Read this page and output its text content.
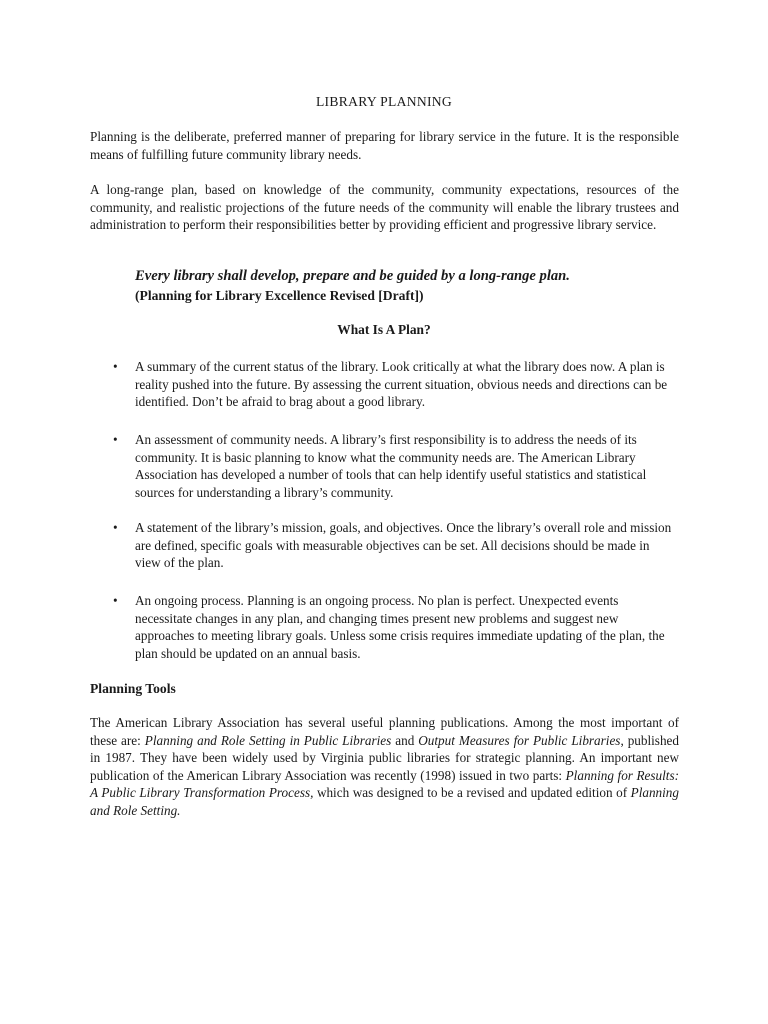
LIBRARY PLANNING

Planning is the deliberate, preferred manner of preparing for library service in the future. It is the responsible means of fulfilling future community library needs.

A long-range plan, based on knowledge of the community, community expectations, resources of the community, and realistic projections of the future needs of the community will enable the library trustees and administration to perform their responsibilities better by providing efficient and progressive library service.

Every library shall develop, prepare and be guided by a long-range plan.

(Planning for Library Excellence Revised [Draft])

What Is A Plan?
• A summary of the current status of the library. Look critically at what the library does now. A plan is reality pushed into the future. By assessing the current situation, obvious needs and directions can be identified. Don’t be afraid to brag about a good library.
• An assessment of community needs. A library’s first responsibility is to address the needs of its community. It is basic planning to know what the community needs are. The American Library Association has developed a number of tools that can help identify useful statistics and statistical sources for understanding a library’s community.
• A statement of the library’s mission, goals, and objectives. Once the library’s overall role and mission are defined, specific goals with measurable objectives can be set. All decisions should be made in view of the plan.
• An ongoing process. Planning is an ongoing process. No plan is perfect. Unexpected events necessitate changes in any plan, and changing times present new problems and suggest new approaches to meeting library goals. Unless some crisis requires immediate updating of the plan, the plan should be updated on an annual basis.

Planning Tools

The American Library Association has several useful planning publications. Among the most important of these are: Planning and Role Setting in Public Libraries and Output Measures for Public Libraries, published in 1987. They have been widely used by Virginia public libraries for strategic planning. An important new publication of the American Library Association was recently (1998) issued in two parts: Planning for Results: A Public Library Transformation Process, which was designed to be a revised and updated edition of Planning and Role Setting.
